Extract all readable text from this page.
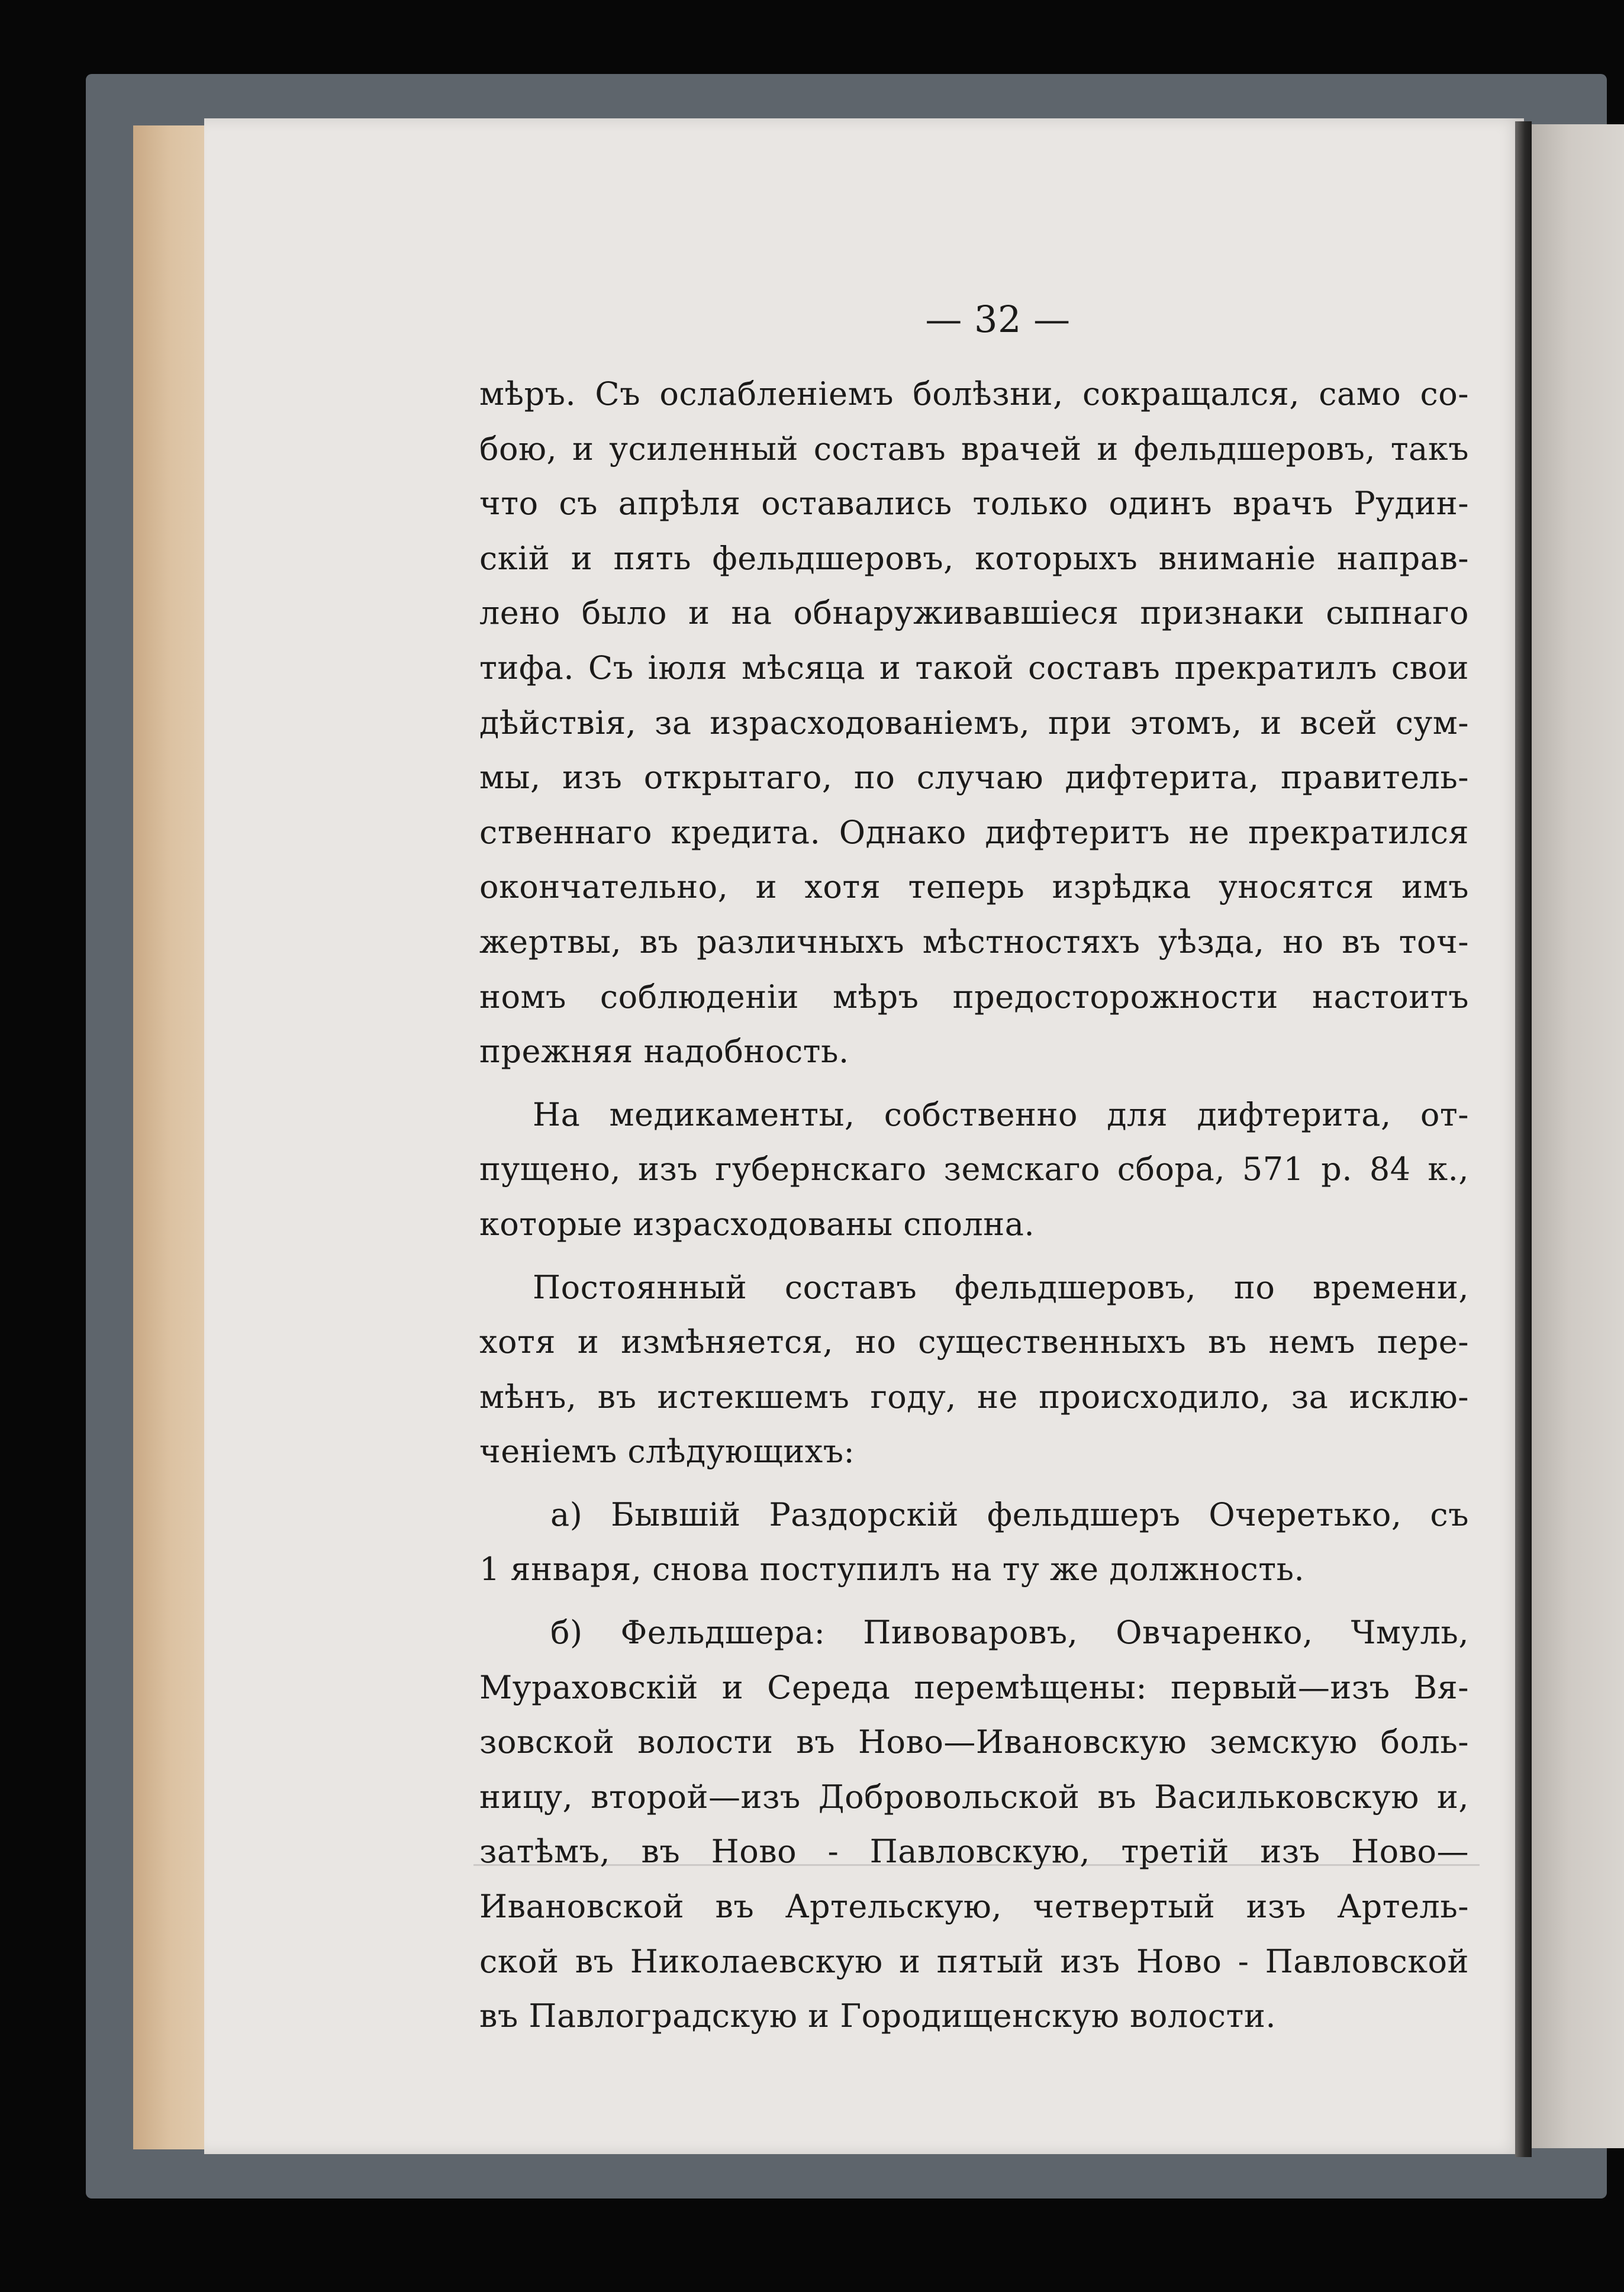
— 32 —
мѣръ. Съ ослабленіемъ болѣзни, сокращался, само со-
бою, и усиленный составъ врачей и фельдшеровъ, такъ
что съ апрѣля оставались только одинъ врачъ Рудин-
скій и пять фельдшеровъ, которыхъ вниманіе направ-
лено было и на обнаруживавшіеся признаки сыпнаго
тифа. Съ іюля мѣсяца и такой составъ прекратилъ свои
дѣйствія, за израсходованіемъ, при этомъ, и всей сум-
мы, изъ открытаго, по случаю дифтерита, правитель-
ственнаго кредита. Однако дифтеритъ не прекратился
окончательно, и хотя теперь изрѣдка уносятся имъ
жертвы, въ различныхъ мѣстностяхъ уѣзда, но въ точ-
номъ соблюденіи мѣръ предосторожности настоитъ
прежняя надобность.
На медикаменты, собственно для дифтерита, от-
пущено, изъ губернскаго земскаго сбора, 571 р. 84 к.,
которые израсходованы сполна.
Постоянный составъ фельдшеровъ, по времени,
хотя и измѣняется, но существенныхъ въ немъ пере-
мѣнъ, въ истекшемъ году, не происходило, за исклю-
ченіемъ слѣдующихъ:
а) Бывшій Раздорскій фельдшеръ Очеретько, съ
1 января, снова поступилъ на ту же должность.
б) Фельдшера: Пивоваровъ, Овчаренко, Чмуль,
Мураховскій и Середа перемѣщены: первый—изъ Вя-
зовской волости въ Ново—Ивановскую земскую боль-
ницу, второй—изъ Добровольской въ Васильковскую и,
затѣмъ, въ Ново - Павловскую, третій изъ Ново—
Ивановской въ Артельскую, четвертый изъ Артель-
ской въ Николаевскую и пятый изъ Ново - Павловской
въ Павлоградскую и Городищенскую волости.
